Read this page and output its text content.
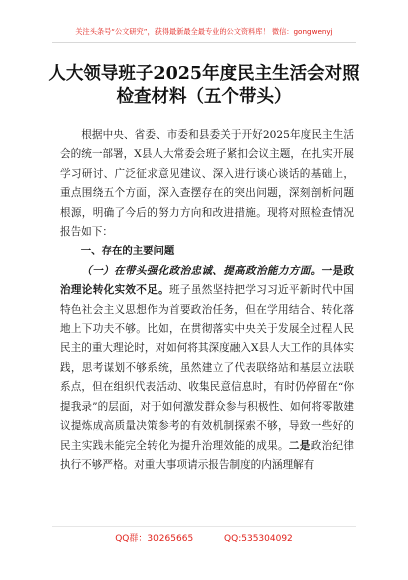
关注头条号“公文研究”，获得最新最全最专业的公文资料库！ 微信：gongwenyj
人大领导班子2025年度民主生活会对照
检查材料（五个带头）

根据中央、省委、市委和县委关于开好2025年度民主生活会的统一部署，X县人大常委会班子紧扣会议主题，在扎实开展学习研讨、广泛征求意见建议、深入进行谈心谈话的基础上，重点围绕五个方面，深入查摆存在的突出问题，深刻剖析问题根源，明确了今后的努力方向和改进措施。现将对照检查情况报告如下：

一、存在的主要问题

（一）在带头强化政治忠诚、提高政治能力方面。一是政治理论转化实效不足。班子虽然坚持把学习习近平新时代中国特色社会主义思想作为首要政治任务，但在学用结合、转化落地上下功夫不够。比如，在贯彻落实中央关于发展全过程人民民主的重大理论时，对如何将其深度融入X县人大工作的具体实践，思考谋划不够系统，虽然建立了代表联络站和基层立法联系点，但在组织代表活动、收集民意信息时，有时仍停留在“你提我录”的层面，对于如何激发群众参与积极性、如何将零散建议提炼成高质量决策参考的有效机制探索不够，导致一些好的民主实践未能完全转化为提升治理效能的成果。二是政治纪律执行不够严格。对重大事项请示报告制度的内涵理解有

QQ群：30265665	QQ:535304092
